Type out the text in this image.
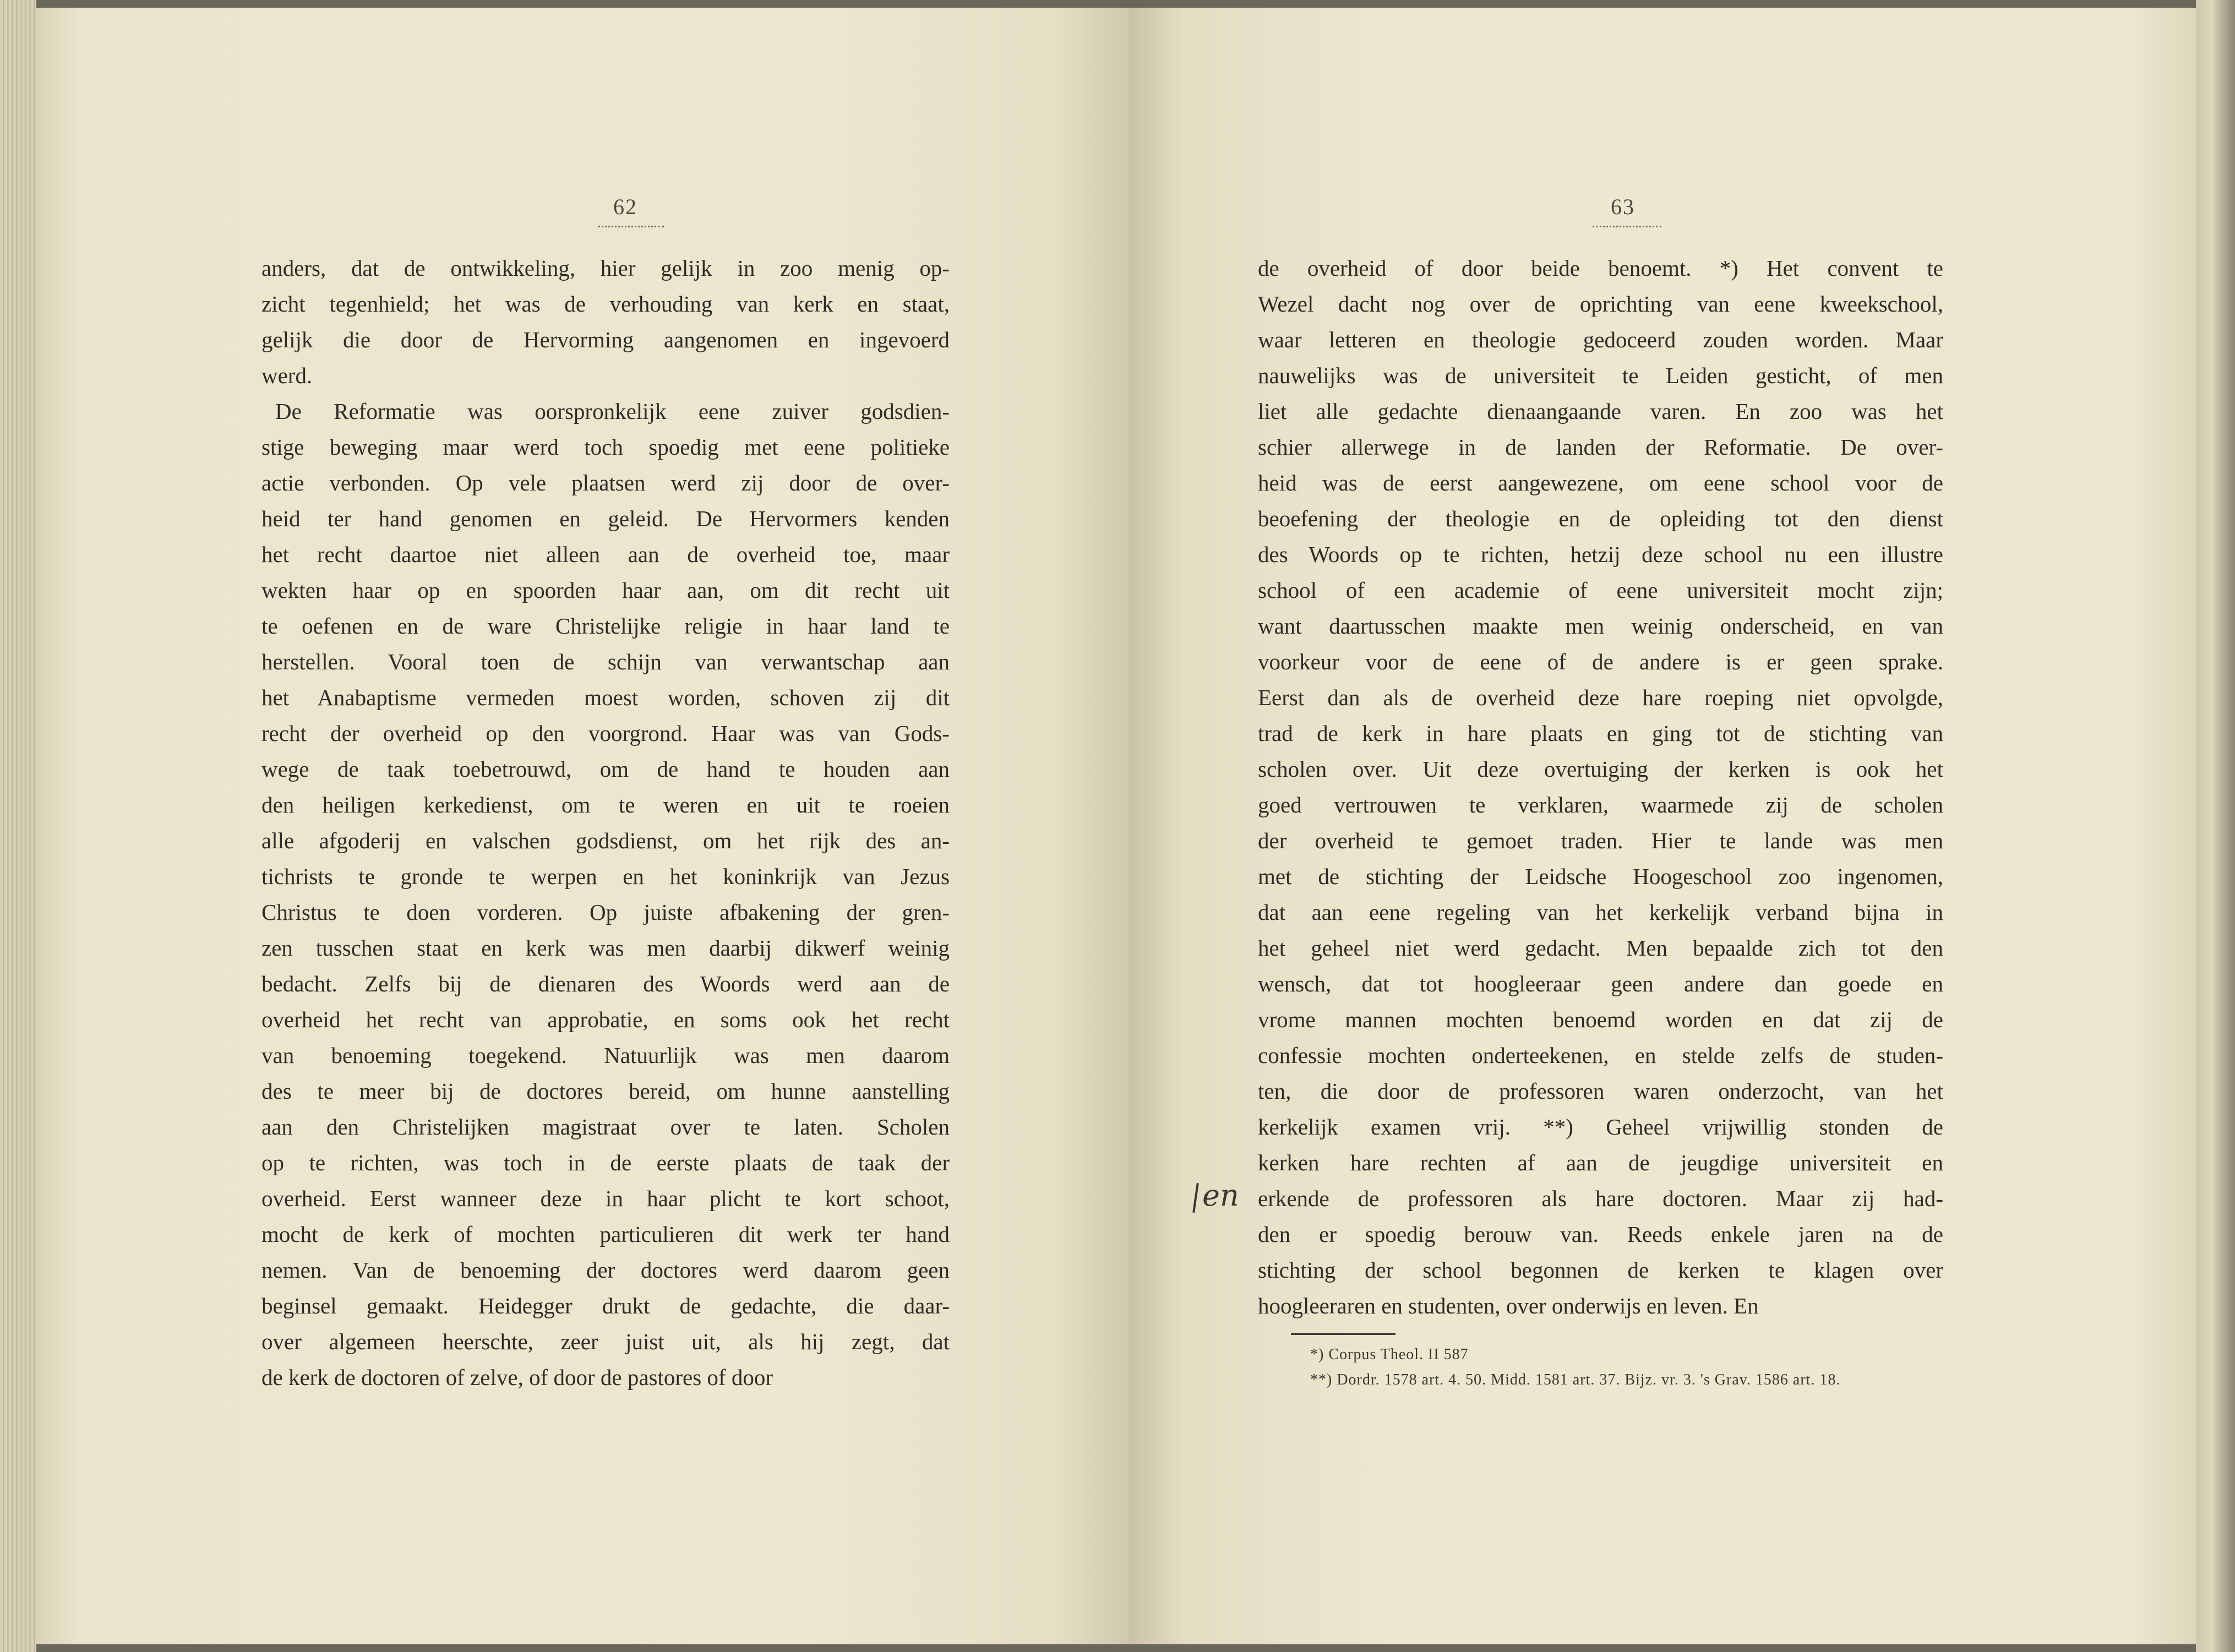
62	63
anders, dat de ontwikkeling, hier gelijk in zoo menig op-
zicht tegenhield; het was de verhouding van kerk en staat,
gelijk die door de Hervorming aangenomen en ingevoerd
werd.
De Reformatie was oorspronkelijk eene zuiver godsdien-
stige beweging maar werd toch spoedig met eene politieke
actie verbonden. Op vele plaatsen werd zij door de over-
heid ter hand genomen en geleid. De Hervormers kenden
het recht daartoe niet alleen aan de overheid toe, maar
wekten haar op en spoorden haar aan, om dit recht uit
te oefenen en de ware Christelijke religie in haar land te
herstellen. Vooral toen de schijn van verwantschap aan
het Anabaptisme vermeden moest worden, schoven zij dit
recht der overheid op den voorgrond. Haar was van Gods-
wege de taak toebetrouwd, om de hand te houden aan
den heiligen kerkedienst, om te weren en uit te roeien
alle afgoderij en valschen godsdienst, om het rijk des an-
tichrists te gronde te werpen en het koninkrijk van Jezus
Christus te doen vorderen. Op juiste afbakening der gren-
zen tusschen staat en kerk was men daarbij dikwerf weinig
bedacht. Zelfs bij de dienaren des Woords werd aan de
overheid het recht van approbatie, en soms ook het recht
van benoeming toegekend. Natuurlijk was men daarom
des te meer bij de doctores bereid, om hunne aanstelling
aan den Christelijken magistraat over te laten. Scholen
op te richten, was toch in de eerste plaats de taak der
overheid. Eerst wanneer deze in haar plicht te kort schoot,
mocht de kerk of mochten particulieren dit werk ter hand
nemen. Van de benoeming der doctores werd daarom geen
beginsel gemaakt. Heidegger drukt de gedachte, die daar-
over algemeen heerschte, zeer juist uit, als hij zegt, dat
de kerk de doctoren of zelve, of door de pastores of door
de overheid of door beide benoemt. *) Het convent te
Wezel dacht nog over de oprichting van eene kweekschool,
waar letteren en theologie gedoceerd zouden worden. Maar
nauwelijks was de universiteit te Leiden gesticht, of men
liet alle gedachte dienaangaande varen. En zoo was het
schier allerwege in de landen der Reformatie. De over-
heid was de eerst aangewezene, om eene school voor de
beoefening der theologie en de opleiding tot den dienst
des Woords op te richten, hetzij deze school nu een illustre
school of een academie of eene universiteit mocht zijn;
want daartusschen maakte men weinig onderscheid, en van
voorkeur voor de eene of de andere is er geen sprake.
Eerst dan als de overheid deze hare roeping niet opvolgde,
trad de kerk in hare plaats en ging tot de stichting van
scholen over. Uit deze overtuiging der kerken is ook het
goed vertrouwen te verklaren, waarmede zij de scholen
der overheid te gemoet traden. Hier te lande was men
met de stichting der Leidsche Hoogeschool zoo ingenomen,
dat aan eene regeling van het kerkelijk verband bijna in
het geheel niet werd gedacht. Men bepaalde zich tot den
wensch, dat tot hoogleeraar geen andere dan goede en
vrome mannen mochten benoemd worden en dat zij de
confessie mochten onderteekenen, en stelde zelfs de studen-
ten, die door de professoren waren onderzocht, van het
kerkelijk examen vrij. **) Geheel vrijwillig stonden de
kerken hare rechten af aan de jeugdige universiteit en
erkende de professoren als hare doctoren. Maar zij had-
den er spoedig berouw van. Reeds enkele jaren na de
stichting der school begonnen de kerken te klagen over
hoogleeraren en studenten, over onderwijs en leven. En
en
*) Corpus Theol. II 587
**) Dordr. 1578 art. 4. 50. Midd. 1581 art. 37. Bijz. vr. 3. 's Grav. 1586 art. 18.
